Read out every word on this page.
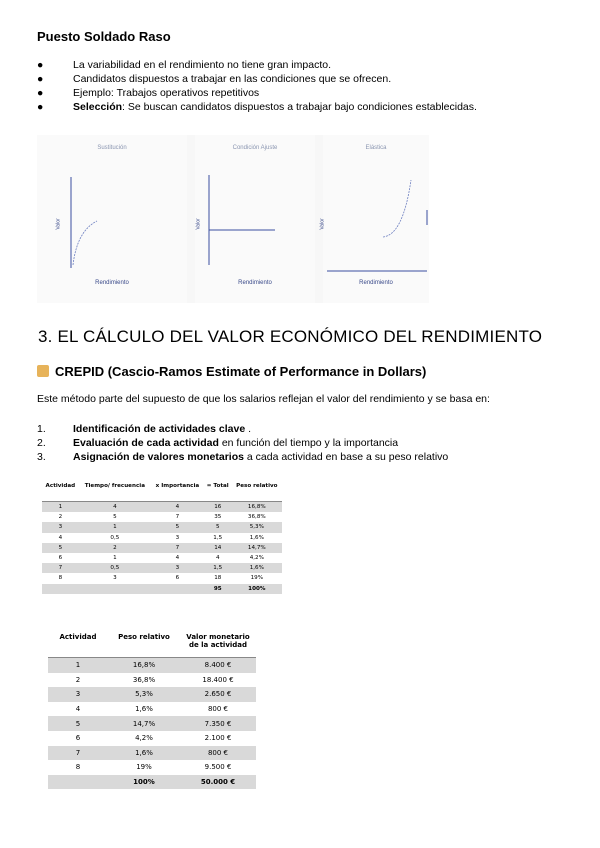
Puesto Soldado Raso
●	La variabilidad en el rendimiento no tiene gran impacto.
●	Candidatos dispuestos a trabajar en las condiciones que se ofrecen.
●	Ejemplo: Trabajos operativos repetitivos
●	Selección: Se buscan candidatos dispuestos a trabajar bajo condiciones establecidas.
Sustitución
Valor
Rendimiento
Condición Ajuste
Valor
Rendimiento
Elástica
Valor
Rendimiento
3. EL CÁLCULO DEL VALOR ECONÓMICO DEL RENDIMIENTO
CREPID (Cascio-Ramos Estimate of Performance in Dollars)
Este método parte del supuesto de que los salarios reflejan el valor del rendimiento y se basa en:
1.	Identificación de actividades clave .
2.	Evaluación de cada actividad en función del tiempo y la importancia
3.	Asignación de valores monetarios a cada actividad en base a su peso relativo
Actividad	Tiempo/ frecuencia	x Importancia	= Total	Peso relativo
1	4	4	16	16,8%
2	5	7	35	36,8%
3	1	5	5	5,3%
4	0,5	3	1,5	1,6%
5	2	7	14	14,7%
6	1	4	4	4,2%
7	0,5	3	1,5	1,6%
8	3	6	18	19%
			95	100%
Actividad	Peso relativo	Valor monetario de la actividad
1	16,8%	8.400 €
2	36,8%	18.400 €
3	5,3%	2.650 €
4	1,6%	800 €
5	14,7%	7.350 €
6	4,2%	2.100 €
7	1,6%	800 €
8	19%	9.500 €
	100%	50.000 €
